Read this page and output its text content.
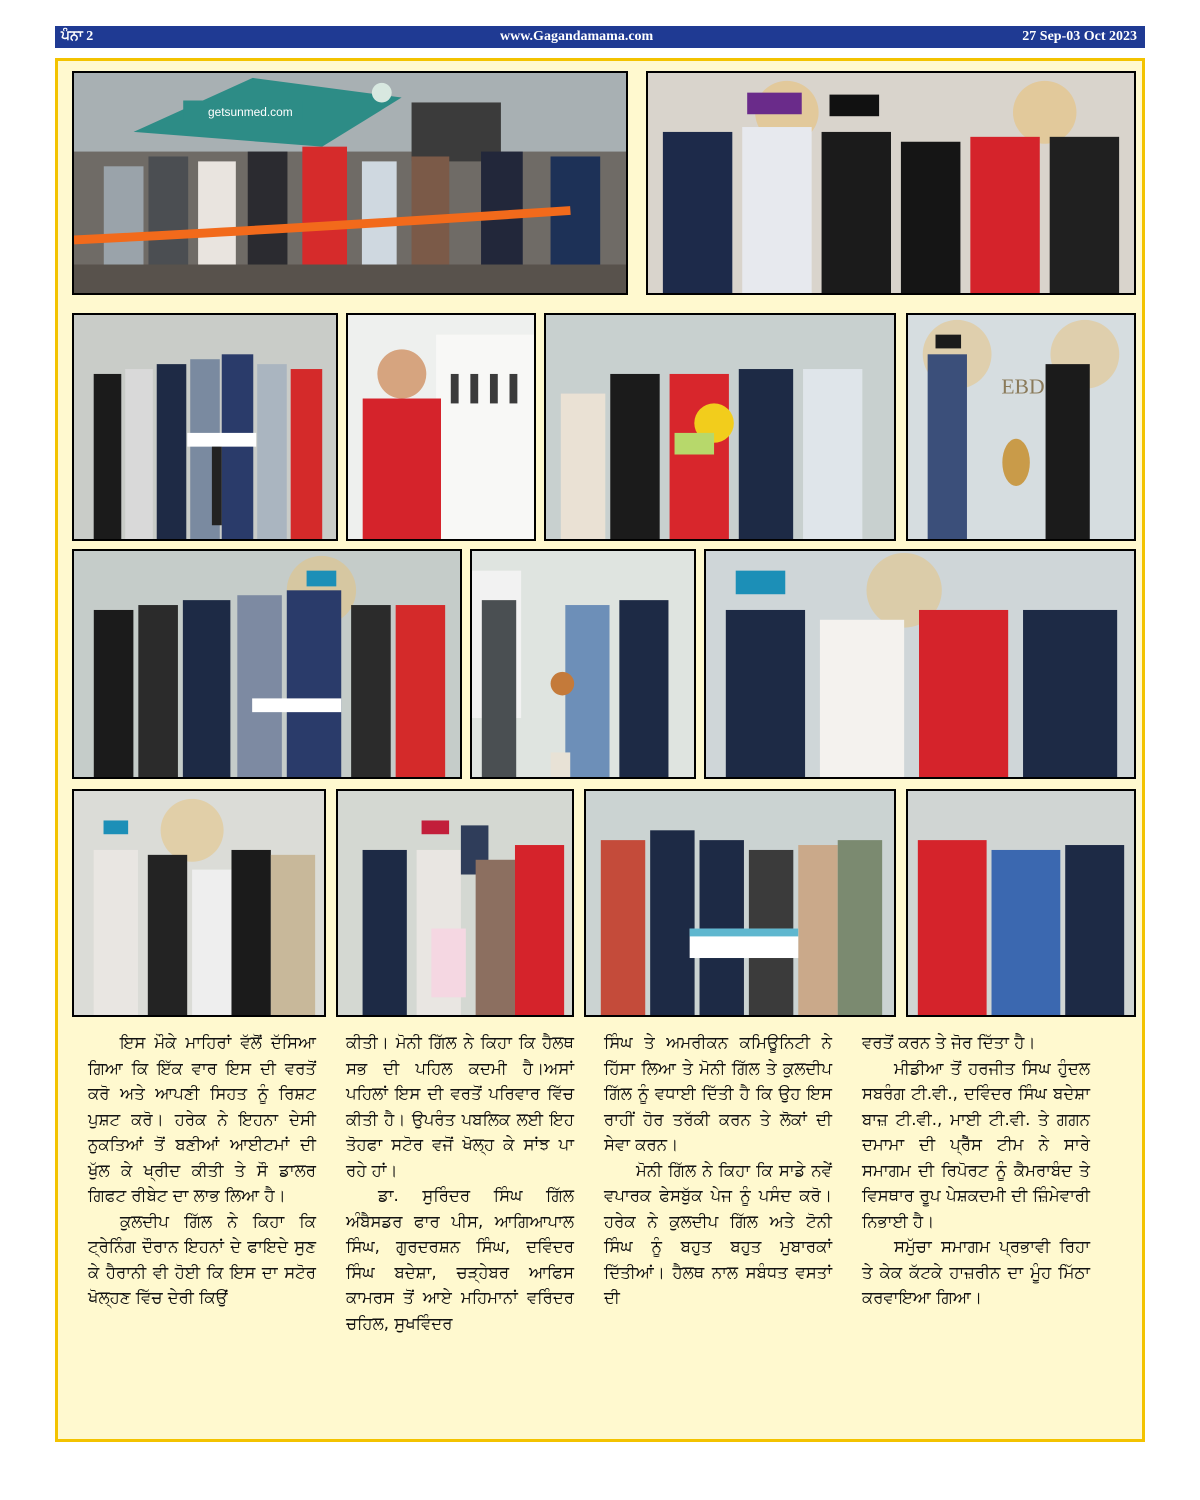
ਪੰਨਾ 2	www.Gagandamama.com	27 Sep-03 Oct 2023
getsunmed.com
EBD

ਇਸ ਮੌਕੇ ਮਾਹਿਰਾਂ ਵੱਲੋਂ ਦੱਸਿਆ ਗਿਆ ਕਿ ਇੱਕ ਵਾਰ ਇਸ ਦੀ ਵਰਤੋਂ ਕਰੋ ਅਤੇ ਆਪਣੀ ਸਿਹਤ ਨੂੰ ਰਿਸ਼ਟ ਪੁਸ਼ਟ ਕਰੋ। ਹਰੇਕ ਨੇ ਇਹਨਾ ਦੇਸੀ ਨੁਕਤਿਆਂ ਤੋਂ ਬਣੀਆਂ ਆਈਟਮਾਂ ਦੀ ਖੁੱਲ ਕੇ ਖ੍ਰੀਦ ਕੀਤੀ ਤੇ ਸੌ ਡਾਲਰ ਗਿਫਟ ਰੀਬੇਟ ਦਾ ਲਾਭ ਲਿਆ ਹੈ।

ਕੁਲਦੀਪ ਗਿੱਲ ਨੇ ਕਿਹਾ ਕਿ ਟ੍ਰੇਨਿੰਗ ਦੌਰਾਨ ਇਹਨਾਂ ਦੇ ਫਾਇਦੇ ਸੁਣ ਕੇ ਹੈਰਾਨੀ ਵੀ ਹੋਈ ਕਿ ਇਸ ਦਾ ਸਟੋਰ ਖੋਲ੍ਹਣ ਵਿੱਚ ਦੇਰੀ ਕਿਉਂ

ਕੀਤੀ। ਮੋਨੀ ਗਿੱਲ ਨੇ ਕਿਹਾ ਕਿ ਹੈਲਥ ਸਭ ਦੀ ਪਹਿਲ ਕਦਮੀ ਹੈ।ਅਸਾਂ ਪਹਿਲਾਂ ਇਸ ਦੀ ਵਰਤੋਂ ਪਰਿਵਾਰ ਵਿੱਚ ਕੀਤੀ ਹੈ। ਉਪਰੰਤ ਪਬਲਿਕ ਲਈ ਇਹ ਤੋਹਫਾ ਸਟੋਰ ਵਜੋਂ ਖੋਲ੍ਹ ਕੇ ਸਾਂਝ ਪਾ ਰਹੇ ਹਾਂ।

ਡਾ. ਸੁਰਿੰਦਰ ਸਿੰਘ ਗਿੱਲ ਅੰਬੈਸਡਰ ਫਾਰ ਪੀਸ, ਆਗਿਆਪਾਲ ਸਿੰਘ, ਗੁਰਦਰਸ਼ਨ ਸਿੰਘ, ਦਵਿੰਦਰ ਸਿੰਘ ਬਦੇਸ਼ਾ, ਚੜ੍ਹੇਬਰ ਆਫਿਸ ਕਾਮਰਸ ਤੋਂ ਆਏ ਮਹਿਮਾਨਾਂ ਵਰਿੰਦਰ ਚਹਿਲ, ਸੁਖਵਿੰਦਰ

ਸਿੰਘ ਤੇ ਅਮਰੀਕਨ ਕਮਿਊਨਿਟੀ ਨੇ ਹਿੱਸਾ ਲਿਆ ਤੇ ਮੋਨੀ ਗਿੱਲ ਤੇ ਕੁਲਦੀਪ ਗਿੱਲ ਨੂੰ ਵਧਾਈ ਦਿੱਤੀ ਹੈ ਕਿ ਉਹ ਇਸ ਰਾਹੀਂ ਹੋਰ ਤਰੱਕੀ ਕਰਨ ਤੇ ਲੋਕਾਂ ਦੀ ਸੇਵਾ ਕਰਨ।

ਮੋਨੀ ਗਿੱਲ ਨੇ ਕਿਹਾ ਕਿ ਸਾਡੇ ਨਵੇਂ ਵਪਾਰਕ ਫੇਸਬੁੱਕ ਪੇਜ ਨੂੰ ਪਸੰਦ ਕਰੋ। ਹਰੇਕ ਨੇ ਕੁਲਦੀਪ ਗਿੱਲ ਅਤੇ ਟੋਨੀ ਸਿੰਘ ਨੂੰ ਬਹੁਤ ਬਹੁਤ ਮੁਬਾਰਕਾਂ ਦਿੱਤੀਆਂ। ਹੈਲਥ ਨਾਲ ਸਬੰਧਤ ਵਸਤਾਂ ਦੀ

ਵਰਤੋਂ ਕਰਨ ਤੇ ਜੋਰ ਦਿੱਤਾ ਹੈ।

ਮੀਡੀਆ ਤੋਂ ਹਰਜੀਤ ਸਿਘ ਹੁੰਦਲ ਸਬਰੰਗ ਟੀ.ਵੀ., ਦਵਿੰਦਰ ਸਿੰਘ ਬਦੇਸ਼ਾ ਬਾਜ਼ ਟੀ.ਵੀ., ਮਾਈ ਟੀ.ਵੀ. ਤੇ ਗਗਨ ਦਮਾਮਾ ਦੀ ਪ੍ਰੈੱਸ ਟੀਮ ਨੇ ਸਾਰੇ ਸਮਾਗਮ ਦੀ ਰਿਪੋਰਟ ਨੂੰ ਕੈਮਰਾਬੰਦ ਤੇ ਵਿਸਥਾਰ ਰੂਪ ਪੇਸ਼ਕਦਮੀ ਦੀ ਜ਼ਿੰਮੇਵਾਰੀ ਨਿਭਾਈ ਹੈ।

ਸਮੁੱਚਾ ਸਮਾਗਮ ਪ੍ਰਭਾਵੀ ਰਿਹਾ ਤੇ ਕੇਕ ਕੱਟਕੇ ਹਾਜ਼ਰੀਨ ਦਾ ਮੂੰਹ ਮਿੱਠਾ ਕਰਵਾਇਆ ਗਿਆ।
